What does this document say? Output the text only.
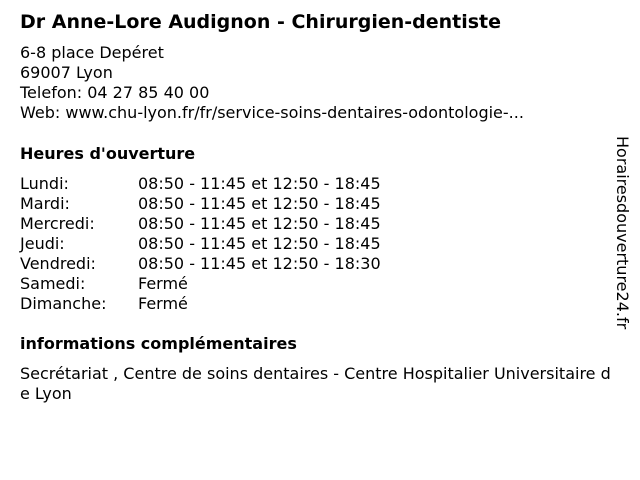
Dr Anne-Lore Audignon - Chirurgien-dentiste
6-8 place Depéret
69007 Lyon
Telefon: 04 27 85 40 00
Web: www.chu-lyon.fr/fr/service-soins-dentaires-odontologie-...
Heures d'ouverture
Lundi:	08:50 - 11:45 et 12:50 - 18:45
Mardi:	08:50 - 11:45 et 12:50 - 18:45
Mercredi:	08:50 - 11:45 et 12:50 - 18:45
Jeudi:	08:50 - 11:45 et 12:50 - 18:45
Vendredi:	08:50 - 11:45 et 12:50 - 18:30
Samedi:	Fermé
Dimanche:	Fermé
informations complémentaires
Secrétariat , Centre de soins dentaires - Centre Hospitalier Universitaire de Lyon
Horairesdouverture24.fr
